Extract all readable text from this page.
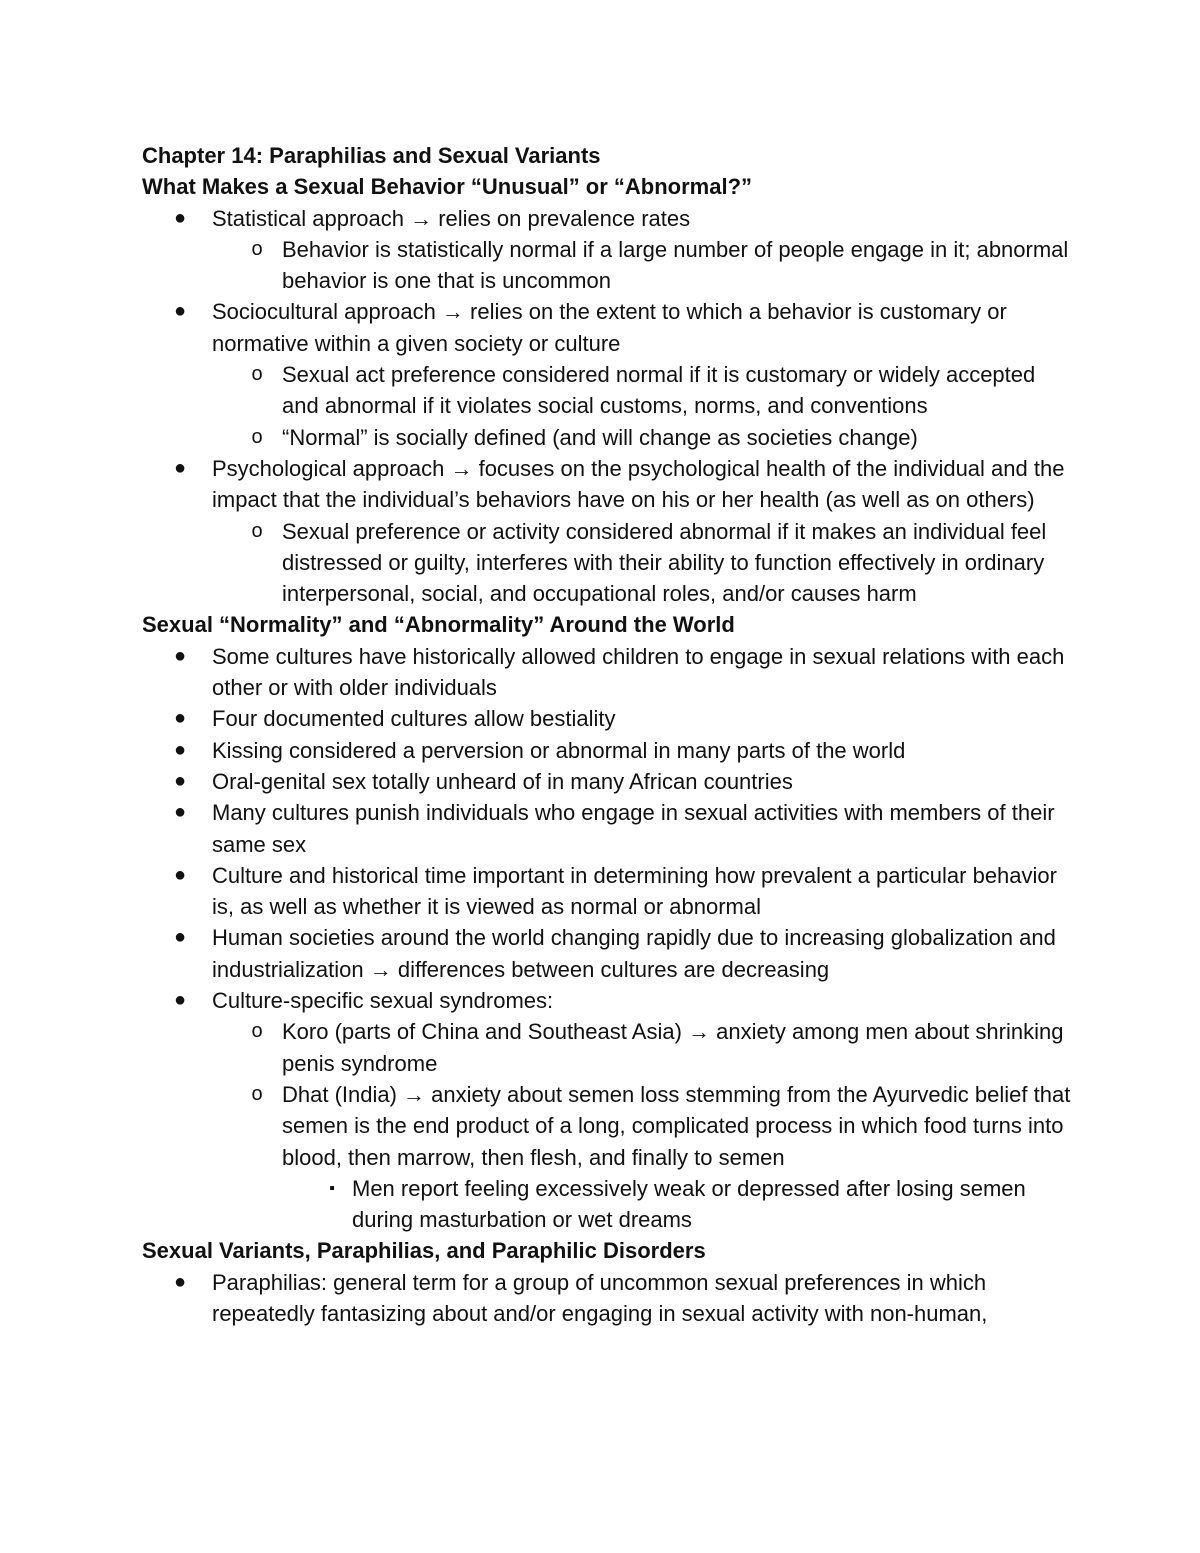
Chapter 14: Paraphilias and Sexual Variants

What Makes a Sexual Behavior “Unusual” or “Abnormal?”

● Statistical approach → relies on prevalence rates
o Behavior is statistically normal if a large number of people engage in it; abnormal behavior is one that is uncommon
● Sociocultural approach → relies on the extent to which a behavior is customary or normative within a given society or culture
o Sexual act preference considered normal if it is customary or widely accepted and abnormal if it violates social customs, norms, and conventions
o “Normal” is socially defined (and will change as societies change)
● Psychological approach → focuses on the psychological health of the individual and the impact that the individual’s behaviors have on his or her health (as well as on others)
o Sexual preference or activity considered abnormal if it makes an individual feel distressed or guilty, interferes with their ability to function effectively in ordinary interpersonal, social, and occupational roles, and/or causes harm

Sexual “Normality” and “Abnormality” Around the World

● Some cultures have historically allowed children to engage in sexual relations with each other or with older individuals
● Four documented cultures allow bestiality
● Kissing considered a perversion or abnormal in many parts of the world
● Oral-genital sex totally unheard of in many African countries
● Many cultures punish individuals who engage in sexual activities with members of their same sex
● Culture and historical time important in determining how prevalent a particular behavior is, as well as whether it is viewed as normal or abnormal
● Human societies around the world changing rapidly due to increasing globalization and industrialization → differences between cultures are decreasing
● Culture-specific sexual syndromes:
o Koro (parts of China and Southeast Asia) → anxiety among men about shrinking penis syndrome
o Dhat (India) → anxiety about semen loss stemming from the Ayurvedic belief that semen is the end product of a long, complicated process in which food turns into blood, then marrow, then flesh, and finally to semen
▪ Men report feeling excessively weak or depressed after losing semen during masturbation or wet dreams

Sexual Variants, Paraphilias, and Paraphilic Disorders

● Paraphilias: general term for a group of uncommon sexual preferences in which repeatedly fantasizing about and/or engaging in sexual activity with non-human,
